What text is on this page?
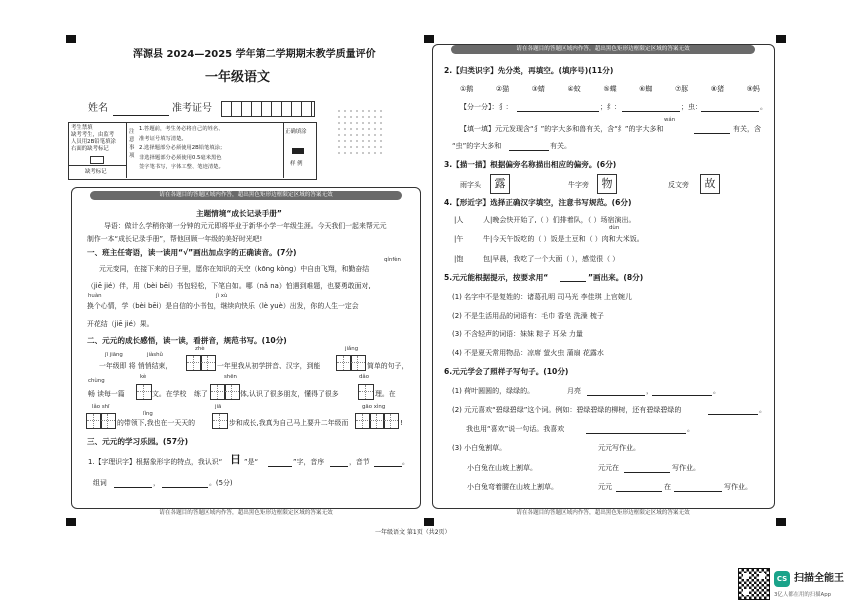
浑源县 2024—2025 学年第二学期期末教学质量评价
一年级语文
姓名	准考证号
考生禁填
缺考考生，由监考
人员用2B铅笔填涂
右面的缺考标记
缺考标记
注意事项
1.答题前，考生务必将自己的姓名、
准考证号填写清楚。
2.选择题部分必须使用2B铅笔填涂；
非选择题部分必须使用0.5毫米黑色
签字笔书写，字体工整、笔迹清楚。
正确填涂
样 例
请在各题目的答题区域内作答，超出黑色矩形边框限定区域的答案无效
主题情境“成长记录手册”
导语：做计么学稍你第一分钟的元元即将毕业于新华小学一年级生涯。今天我们一起来帮元元
制作一本“成长记录手册”，帮他回顾一年级的美好时光吧!
一、班主任寄语，读一读用“√”画出加点字的正确读音。(7分)
qínfèn
元元变同，在接下来的日子里，愿你在知识的天空（kōng kòng）中自由飞翔，和勤奋结
（jiē jié）伴，用（bèi bēi）书包轻松，下笔自如。哪（nǎ na）怕遇到难题，也要勇敢面对,
huàn	jì xù
换个心情，学（bèi bēi）是自信的小书包，继续向快乐（lè yuè）出发，你的人生一定会
开花结（jiē jié）果。
二、元元的成长感悟，读一读，看拼音，规范书写。(10分)
jī jiāng	jiàshǔ
zhè	jiǎng
一年级即 将 悄悄结束，	一年里我从初学拼音、汉字，到能	简单的句子，
chùng
kè	shēn	dǎo
畅 读每一篇	文。在学校 练了	体,认识了很多朋友，懂得了很多	理。在
lǎo shī
lǐng
jiā	gāo xìng
的带领下,我也在一天天的	步和成长,我真为自己马上要升二年级而	!
三、元元的学习乐园。(57分)
1.【字理识字】根据象形字的特点，我认识“ 日 ”是“	”字，音序	，音节	。
组词	，	。(5分)
请在各题目的答题区域内作答，超出黑色矩形边框限定区域的答案无效
请在各题目的答题区域内作答，超出黑色矩形边框限定区域的答案无效
2.【归类识字】先分类，再填空。(填序号)(11分)
①鹅	②猫	③蜻	④蚊	⑤蝶	⑥蜘	⑦豚	⑧猪	⑨蚂
【分一分】：犭：	；纟：	；虫：	。
wán
【填一填】元元发现含“犭”的字大多和兽有关，含“纟”的字大多和	有关，含
“虫”的字大多和	有关。
3.【描一描】根据偏旁名称描出相应的偏旁。(6分)
雨字头	露	牛字旁	物	反文旁	故
4.【形近字】选择正确汉字填空，注意书写规范。(6分)
|人	人|晚会快开始了,（ ）们排着队，（ ）场宿演出。
dùn
|午	牛|今天午饭吃的（ ）饭是土豆和（ ）肉和大米饭。
|饱	包|早晨，我吃了一个大面（ ），感觉很（ ）
5.元元能根据提示，按要求用“	”画出来。(8分)
(1) 名字中不是复姓的：诸葛孔明 司马光 李佳琪 上官婉儿
(2) 不是生活用品的词语有：毛巾 香皂 洗澡 梳子
(3) 不含轻声的词语：妹妹 粽子 耳朵 力量
(4) 不是夏天常用物品：凉席 萤火虫 蒲扇 花露水
6.元元学会了照样子写句子。(10分)
(1) 荷叶圆圆的，绿绿的。	月亮	，	。
(2) 元元喜欢“碧绿碧绿”这个词。例如：碧绿碧绿的柳树，还有碧绿碧绿的	。
我也用“喜欢”说一句话。我喜欢	。
(3) 小白兔割草。	元元写作业。
小白兔在山坡上割草。	元元在	写作业。
小白兔弯着腰在山坡上割草。	元元	在	写作业。
请在各题目的答题区域内作答，超出黑色矩形边框限定区域的答案无效
一年级语文 第1页（共2页）
CS 扫描全能王
3亿人都在用的扫描App
